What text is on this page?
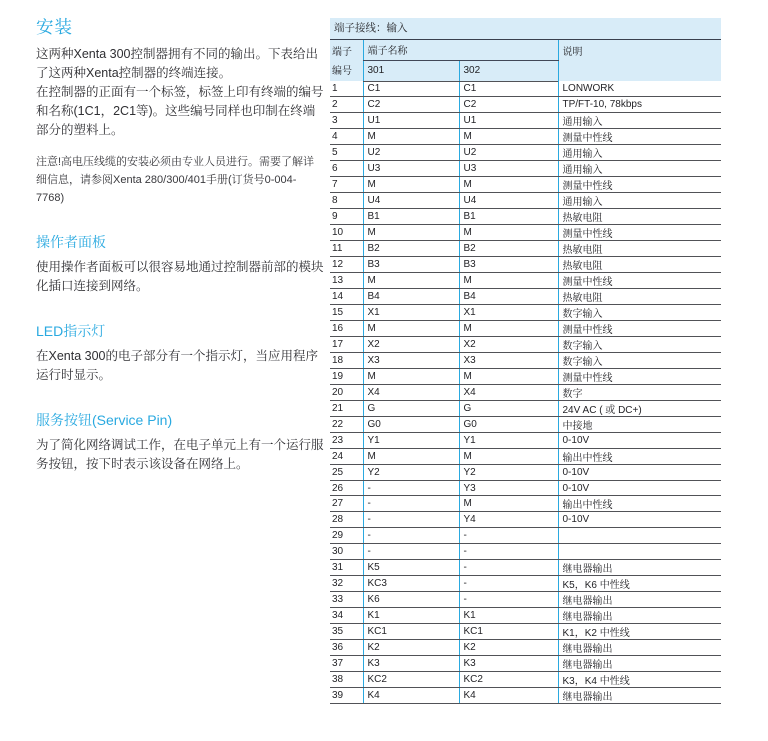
安装

这两种Xenta 300控制器拥有不同的输出。下表给出了这两种Xenta控制器的终端连接。

在控制器的正面有一个标签，标签上印有终端的编号和名称(1C1，2C1等)。这些编号同样也印制在终端部分的塑料上。

注意!高电压线缆的安装必须由专业人员进行。需要了解详细信息，请参阅Xenta 280/300/401手册(订货号0-004-7768)

操作者面板

使用操作者面板可以很容易地通过控制器前部的模块化插口连接到网络。

LED指示灯

在Xenta 300的电子部分有一个指示灯，当应用程序运行时显示。

服务按钮(Service Pin)

为了简化网络调试工作，在电子单元上有一个运行服务按钮，按下时表示该设备在网络上。

端子接线：输入
端子
编号	端子名称		说明
	301	302	
1	C1	C1	LONWORK
2	C2	C2	TP/FT-10, 78kbps
3	U1	U1	通用输入
4	M	M	测量中性线
5	U2	U2	通用输入
6	U3	U3	通用输入
7	M	M	测量中性线
8	U4	U4	通用输入
9	B1	B1	热敏电阻
10	M	M	测量中性线
11	B2	B2	热敏电阻
12	B3	B3	热敏电阻
13	M	M	测量中性线
14	B4	B4	热敏电阻
15	X1	X1	数字输入
16	M	M	测量中性线
17	X2	X2	数字输入
18	X3	X3	数字输入
19	M	M	测量中性线
20	X4	X4	数字
21	G	G	24V AC ( 或 DC+)
22	G0	G0	中接地
23	Y1	Y1	0-10V
24	M	M	输出中性线
25	Y2	Y2	0-10V
26	-	Y3	0-10V
27	-	M	输出中性线
28	-	Y4	0-10V
29	-	-	
30	-	-	
31	K5	-	继电器输出
32	KC3	-	K5，K6 中性线
33	K6	-	继电器输出
34	K1	K1	继电器输出
35	KC1	KC1	K1，K2 中性线
36	K2	K2	继电器输出
37	K3	K3	继电器输出
38	KC2	KC2	K3，K4 中性线
39	K4	K4	继电器输出
